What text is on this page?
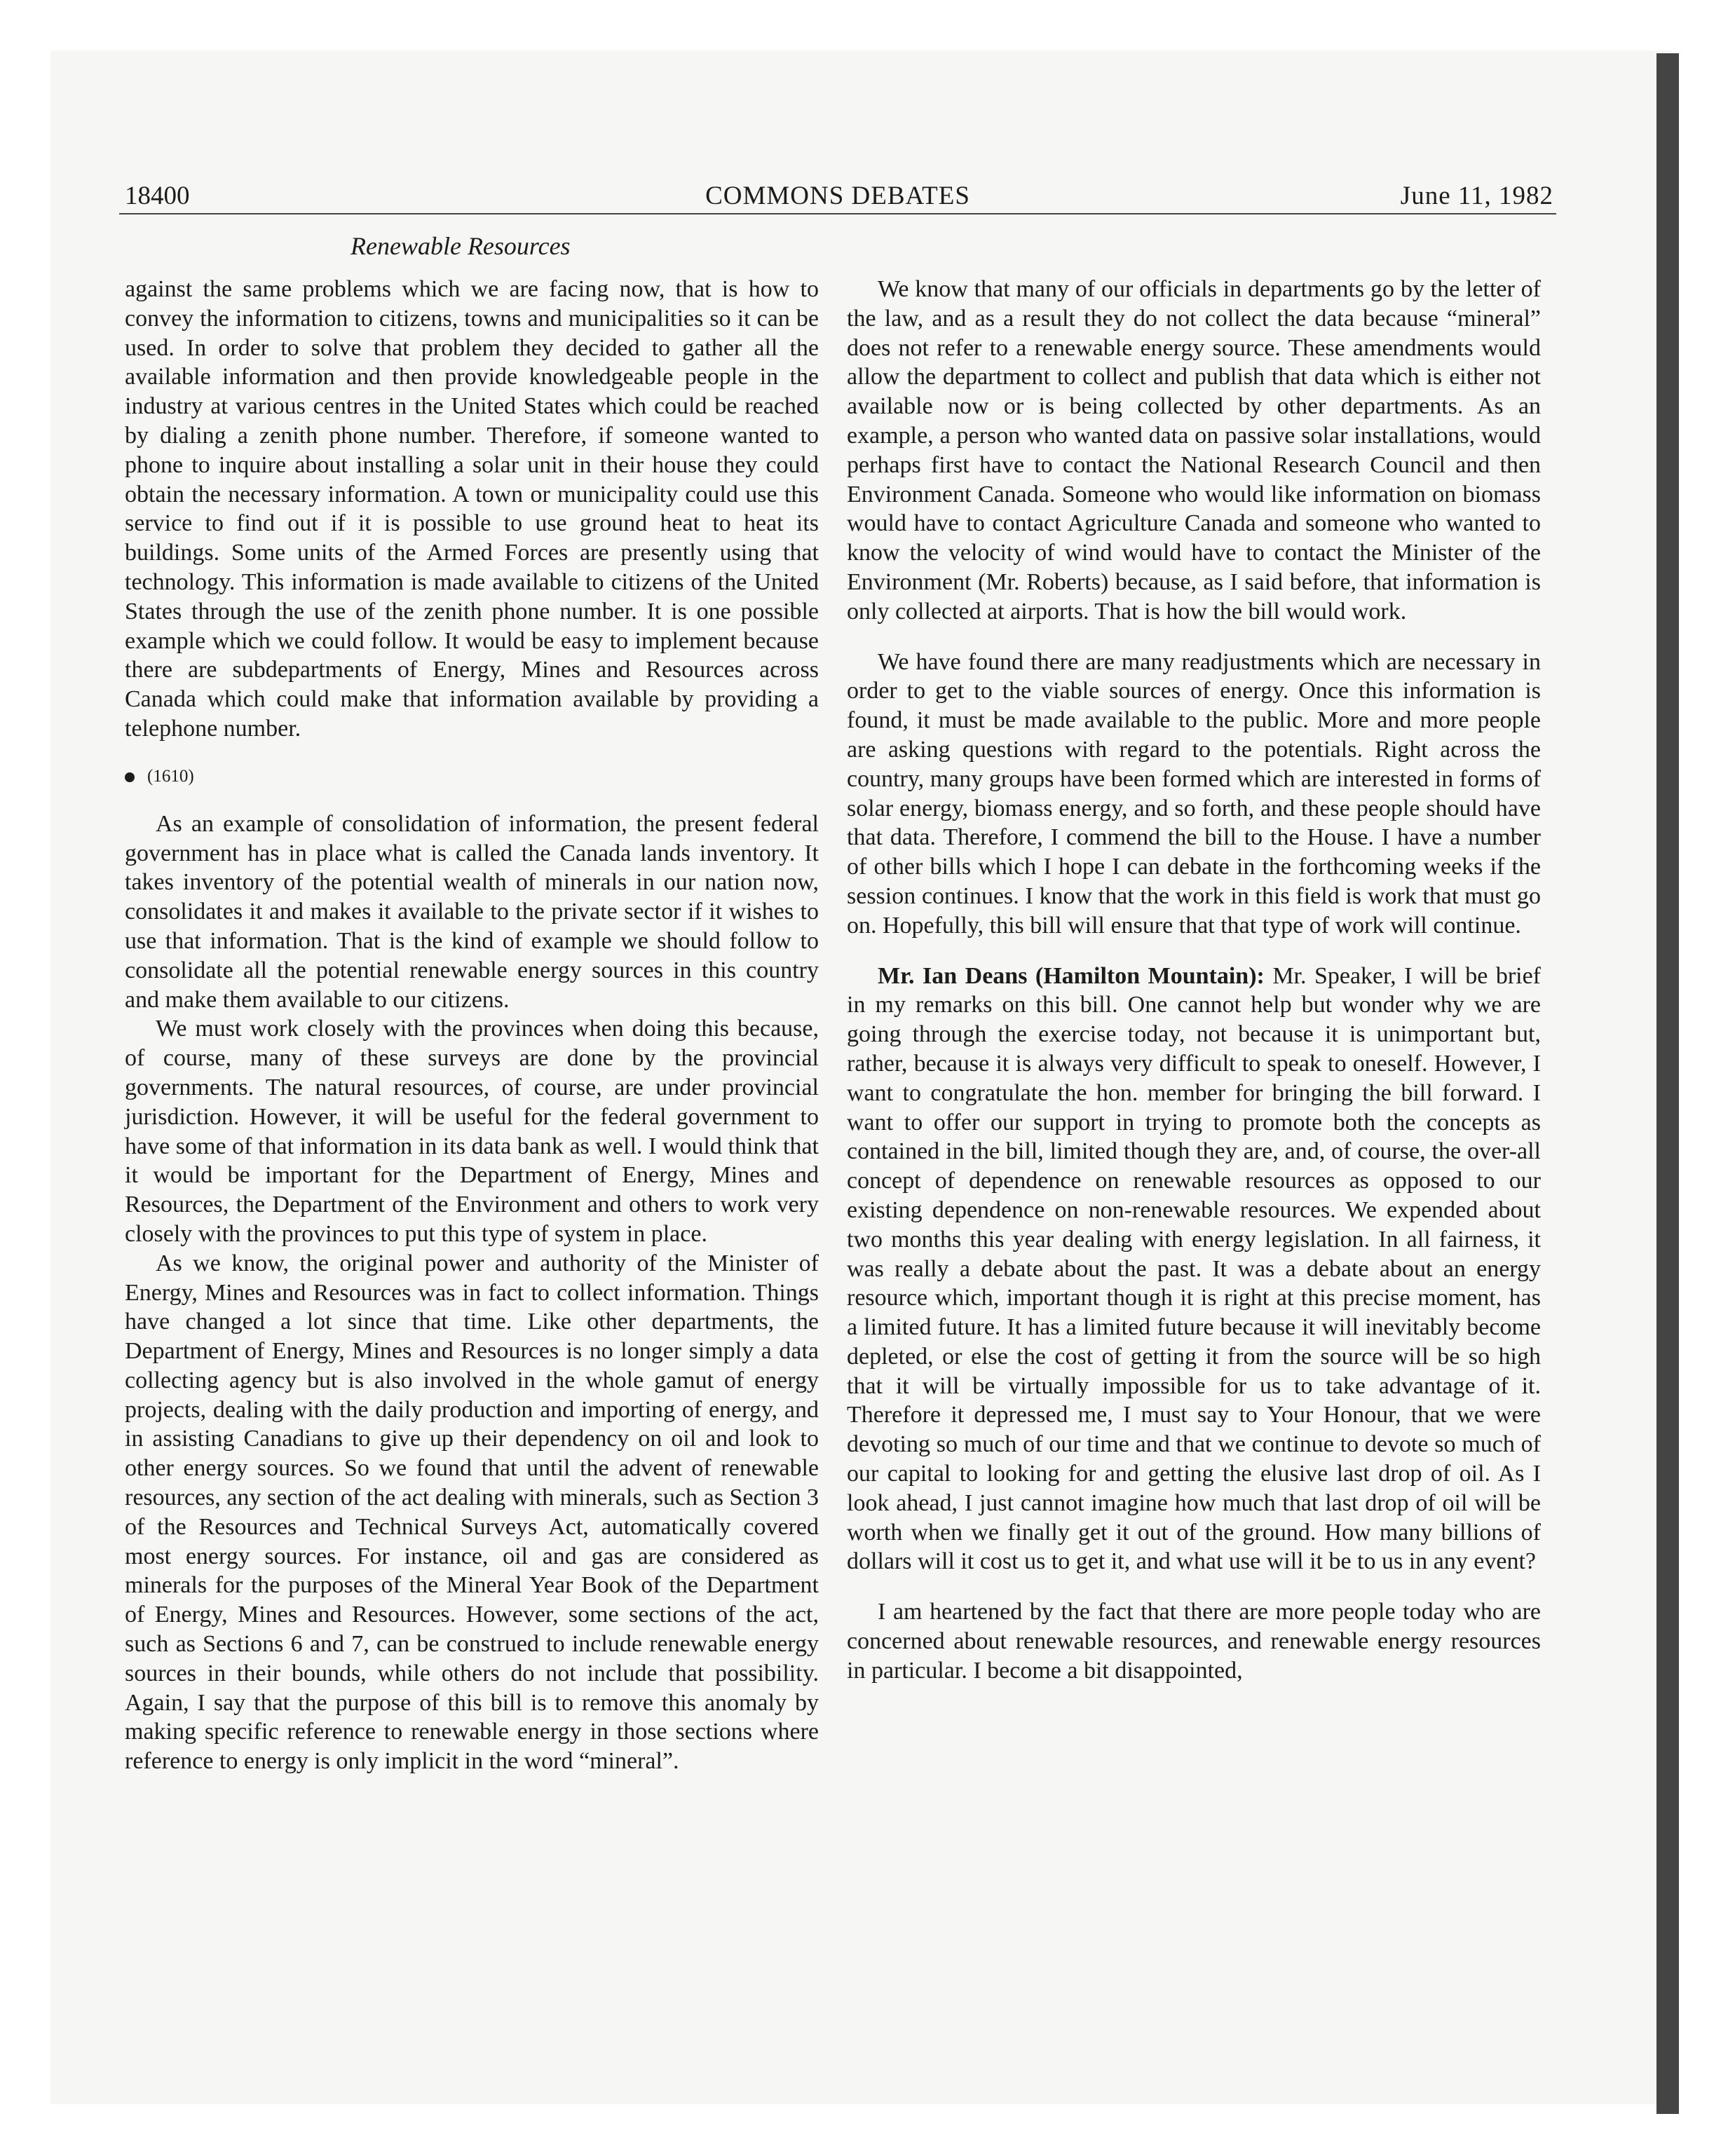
18400	COMMONS DEBATES	June 11, 1982
Renewable Resources

against the same problems which we are facing now, that is how to convey the information to citizens, towns and municipalities so it can be used. In order to solve that problem they decided to gather all the available information and then provide knowledgeable people in the industry at various centres in the United States which could be reached by dialing a zenith phone number. Therefore, if someone wanted to phone to inquire about installing a solar unit in their house they could obtain the necessary information. A town or municipality could use this service to find out if it is possible to use ground heat to heat its buildings. Some units of the Armed Forces are presently using that technology. This information is made available to citizens of the United States through the use of the zenith phone number. It is one possible example which we could follow. It would be easy to implement because there are subdepartments of Energy, Mines and Resources across Canada which could make that information available by providing a telephone number.

(1610)

As an example of consolidation of information, the present federal government has in place what is called the Canada lands inventory. It takes inventory of the potential wealth of minerals in our nation now, consolidates it and makes it available to the private sector if it wishes to use that information. That is the kind of example we should follow to consolidate all the potential renewable energy sources in this country and make them available to our citizens.

We must work closely with the provinces when doing this because, of course, many of these surveys are done by the provincial governments. The natural resources, of course, are under provincial jurisdiction. However, it will be useful for the federal government to have some of that information in its data bank as well. I would think that it would be important for the Department of Energy, Mines and Resources, the Department of the Environment and others to work very closely with the provinces to put this type of system in place.

As we know, the original power and authority of the Minister of Energy, Mines and Resources was in fact to collect information. Things have changed a lot since that time. Like other departments, the Department of Energy, Mines and Resources is no longer simply a data collecting agency but is also involved in the whole gamut of energy projects, dealing with the daily production and importing of energy, and in assisting Canadians to give up their dependency on oil and look to other energy sources. So we found that until the advent of renewable resources, any section of the act dealing with minerals, such as Section 3 of the Resources and Technical Surveys Act, automatically covered most energy sources. For instance, oil and gas are considered as minerals for the purposes of the Mineral Year Book of the Department of Energy, Mines and Resources. However, some sections of the act, such as Sections 6 and 7, can be construed to include renewable energy sources in their bounds, while others do not include that possibility. Again, I say that the purpose of this bill is to remove this anomaly by making specific reference to renewable energy in those sections where reference to energy is only implicit in the word “mineral”.

We know that many of our officials in departments go by the letter of the law, and as a result they do not collect the data because “mineral” does not refer to a renewable energy source. These amendments would allow the department to collect and publish that data which is either not available now or is being collected by other departments. As an example, a person who wanted data on passive solar installations, would perhaps first have to contact the National Research Council and then Environment Canada. Someone who would like information on biomass would have to contact Agriculture Canada and someone who wanted to know the velocity of wind would have to contact the Minister of the Environment (Mr. Roberts) because, as I said before, that information is only collected at airports. That is how the bill would work.

We have found there are many readjustments which are necessary in order to get to the viable sources of energy. Once this information is found, it must be made available to the public. More and more people are asking questions with regard to the potentials. Right across the country, many groups have been formed which are interested in forms of solar energy, biomass energy, and so forth, and these people should have that data. Therefore, I commend the bill to the House. I have a number of other bills which I hope I can debate in the forthcoming weeks if the session continues. I know that the work in this field is work that must go on. Hopefully, this bill will ensure that that type of work will continue.

Mr. Ian Deans (Hamilton Mountain): Mr. Speaker, I will be brief in my remarks on this bill. One cannot help but wonder why we are going through the exercise today, not because it is unimportant but, rather, because it is always very difficult to speak to oneself. However, I want to congratulate the hon. member for bringing the bill forward. I want to offer our support in trying to promote both the concepts as contained in the bill, limited though they are, and, of course, the over-all concept of dependence on renewable resources as opposed to our existing dependence on non-renewable resources. We expended about two months this year dealing with energy legislation. In all fairness, it was really a debate about the past. It was a debate about an energy resource which, important though it is right at this precise moment, has a limited future. It has a limited future because it will inevitably become depleted, or else the cost of getting it from the source will be so high that it will be virtually impossible for us to take advantage of it. Therefore it depressed me, I must say to Your Honour, that we were devoting so much of our time and that we continue to devote so much of our capital to looking for and getting the elusive last drop of oil. As I look ahead, I just cannot imagine how much that last drop of oil will be worth when we finally get it out of the ground. How many billions of dollars will it cost us to get it, and what use will it be to us in any event?

I am heartened by the fact that there are more people today who are concerned about renewable resources, and renewable energy resources in particular. I become a bit disappointed,
